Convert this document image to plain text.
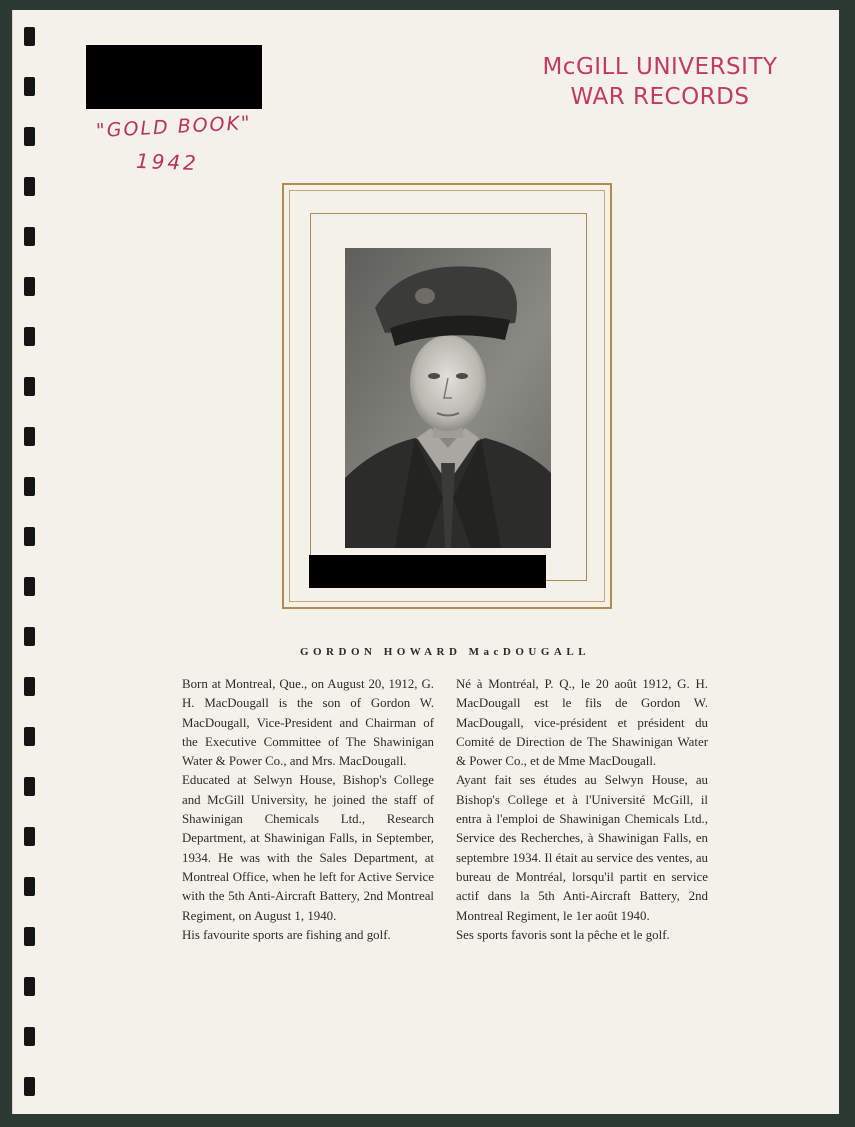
McGILL UNIVERSITY
WAR RECORDS
"GOLD BOOK"
1942
GORDON HOWARD MacDOUGALL

Born at Montreal, Que., on August 20, 1912, G. H. MacDougall is the son of Gordon W. MacDougall, Vice-President and Chairman of the Executive Committee of The Shawinigan Water & Power Co., and Mrs. MacDougall.

Educated at Selwyn House, Bishop's College and McGill University, he joined the staff of Shawinigan Chemicals Ltd., Research Department, at Shawinigan Falls, in September, 1934. He was with the Sales Department, at Montreal Office, when he left for Active Service with the 5th Anti-Aircraft Battery, 2nd Montreal Regiment, on August 1, 1940.

His favourite sports are fishing and golf.

Né à Montréal, P. Q., le 20 août 1912, G. H. MacDougall est le fils de Gordon W. MacDougall, vice-président et président du Comité de Direction de The Shawinigan Water & Power Co., et de Mme MacDougall.

Ayant fait ses études au Selwyn House, au Bishop's College et à l'Université McGill, il entra à l'emploi de Shawinigan Chemicals Ltd., Service des Recherches, à Shawinigan Falls, en septembre 1934. Il était au service des ventes, au bureau de Montréal, lorsqu'il partit en service actif dans la 5th Anti-Aircraft Battery, 2nd Montreal Regiment, le 1er août 1940.

Ses sports favoris sont la pêche et le golf.
